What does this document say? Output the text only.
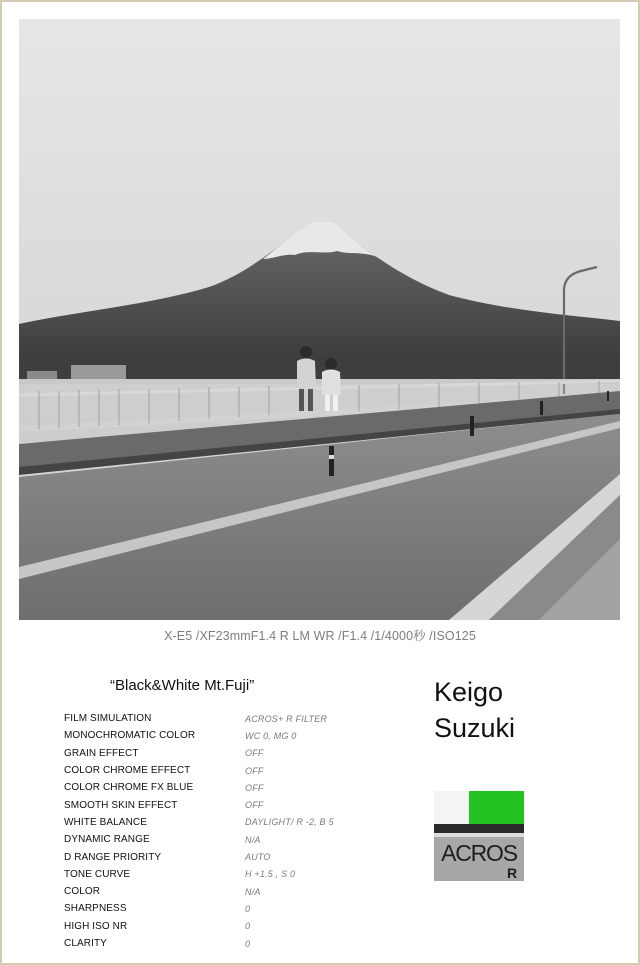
X-E5 /XF23mmF1.4 R LM WR /F1.4 /1/4000秒 /ISO125
“Black&White Mt.Fuji”
FILM SIMULATION	ACROS+ R FILTER
MONOCHROMATIC COLOR	WC 0, MG 0
GRAIN EFFECT	OFF
COLOR CHROME EFFECT	OFF
COLOR CHROME FX BLUE	OFF
SMOOTH SKIN EFFECT	OFF
WHITE BALANCE	DAYLIGHT/ R -2, B 5
DYNAMIC RANGE	N/A
D RANGE PRIORITY	AUTO
TONE CURVE	H +1.5 , S 0
COLOR	N/A
SHARPNESS	0
HIGH ISO NR	0
CLARITY	0
Keigo
Suzuki
ACROS
R
